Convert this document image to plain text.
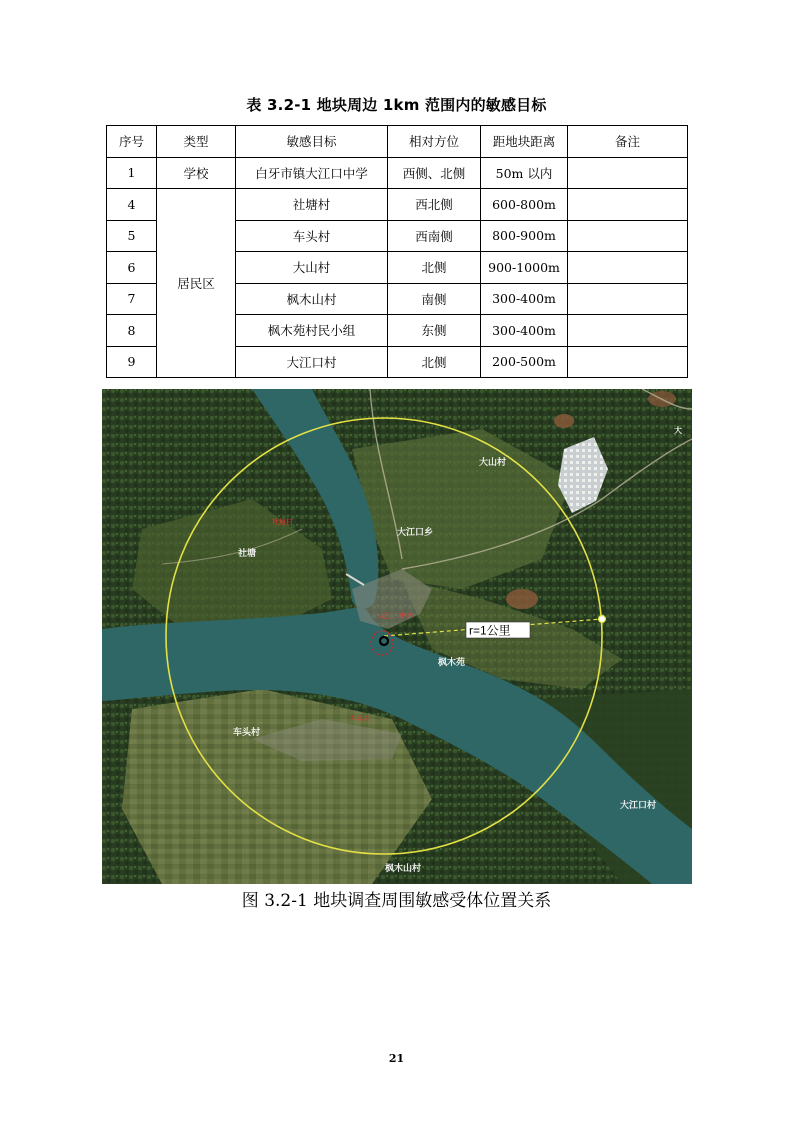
表 3.2-1 地块周边 1km 范围内的敏感目标
序号	类型	敏感目标	相对方位	距地块距离	备注
1	学校	白牙市镇大江口中学	西侧、北侧	50m 以内	
4	居民区	社塘村	西北侧	600-800m	
5		车头村	西南侧	800-900m	
6		大山村	北侧	900-1000m	
7		枫木山村	南侧	300-400m	
8		枫木苑村民小组	东侧	300-400m	
9		大江口村	北侧	200-500m	
r=1公里
大山村
大江口乡
枫木苑
大江口村
枫木山村
车头村
社塘
大
大江口中学
社塘村
车头村
图 3.2-1 地块调查周围敏感受体位置关系
21
